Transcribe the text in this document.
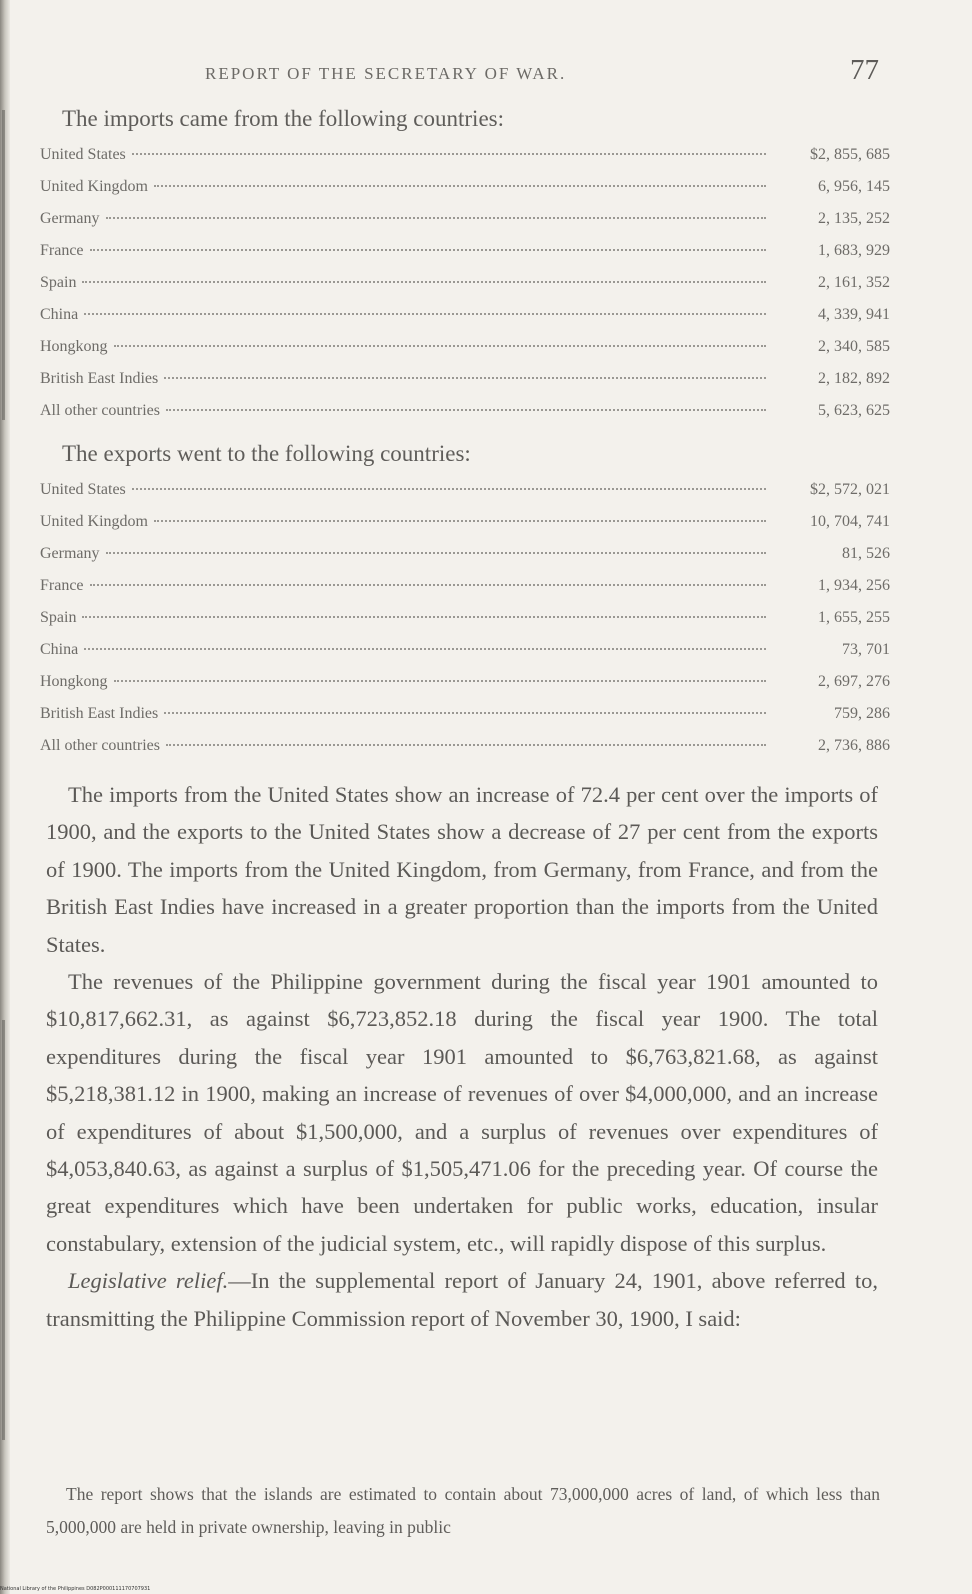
REPORT OF THE SECRETARY OF WAR.	77
The imports came from the following countries:
United States	$2, 855, 685
United Kingdom	6, 956, 145
Germany	2, 135, 252
France	1, 683, 929
Spain	2, 161, 352
China	4, 339, 941
Hongkong	2, 340, 585
British East Indies	2, 182, 892
All other countries	5, 623, 625
The exports went to the following countries:
United States	$2, 572, 021
United Kingdom	10, 704, 741
Germany	81, 526
France	1, 934, 256
Spain	1, 655, 255
China	73, 701
Hongkong	2, 697, 276
British East Indies	759, 286
All other countries	2, 736, 886

The imports from the United States show an increase of 72.4 per cent over the imports of 1900, and the exports to the United States show a decrease of 27 per cent from the exports of 1900. The imports from the United Kingdom, from Germany, from France, and from the British East Indies have increased in a greater proportion than the imports from the United States.

The revenues of the Philippine government during the fiscal year 1901 amounted to $10,817,662.31, as against $6,723,852.18 during the fiscal year 1900. The total expenditures during the fiscal year 1901 amounted to $6,763,821.68, as against $5,218,381.12 in 1900, making an increase of revenues of over $4,000,000, and an increase of expenditures of about $1,500,000, and a surplus of revenues over expenditures of $4,053,840.63, as against a surplus of $1,505,471.06 for the preceding year. Of course the great expenditures which have been undertaken for public works, education, insular constabulary, extension of the judicial system, etc., will rapidly dispose of this surplus.

Legislative relief.—In the supplemental report of January 24, 1901, above referred to, transmitting the Philippine Commission report of November 30, 1900, I said:

The report shows that the islands are estimated to contain about 73,000,000 acres of land, of which less than 5,000,000 are held in private ownership, leaving in public

National Library of the Philippines D082P000111170707931
